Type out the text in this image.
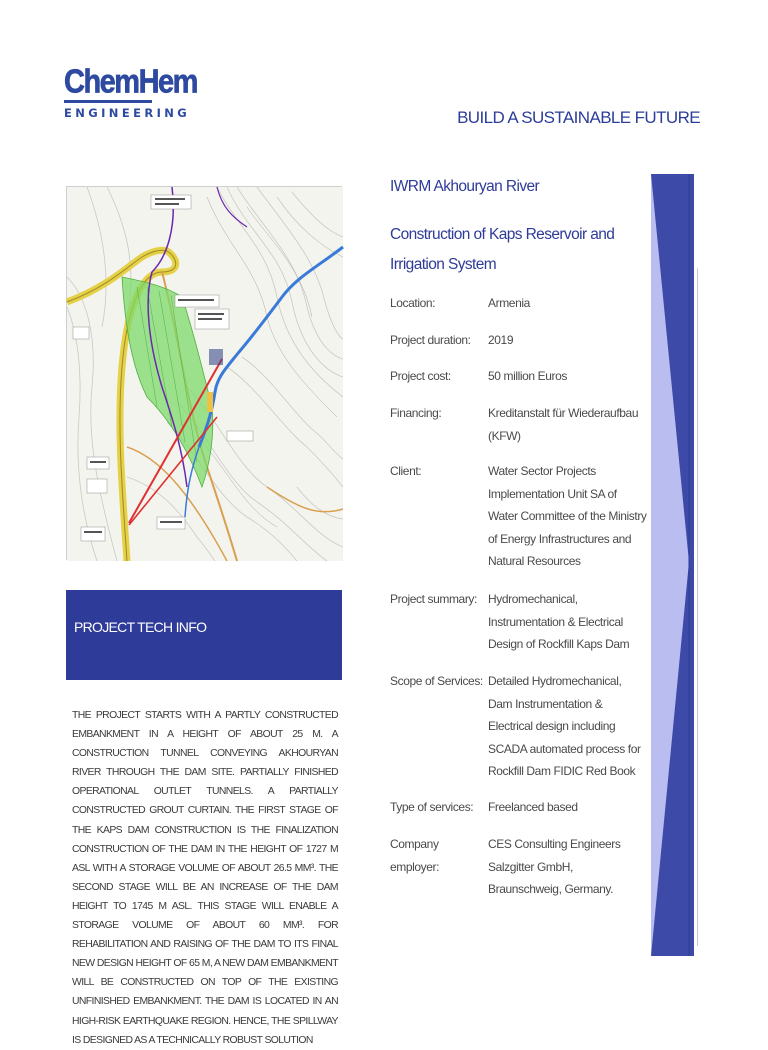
ChemHem
ENGINEERING	BUILD A SUSTAINABLE FUTURE
PROJECT TECH INFO
THE PROJECT STARTS WITH A PARTLY CONSTRUCTED EMBANKMENT IN A HEIGHT OF ABOUT 25 M. A CONSTRUCTION TUNNEL CONVEYING AKHOURYAN RIVER THROUGH THE DAM SITE. PARTIALLY FINISHED OPERATIONAL OUTLET TUNNELS. A PARTIALLY CONSTRUCTED GROUT CURTAIN. THE FIRST STAGE OF THE KAPS DAM CONSTRUCTION IS THE FINALIZATION CONSTRUCTION OF THE DAM IN THE HEIGHT OF 1727 M ASL WITH A STORAGE VOLUME OF ABOUT 26.5 MM³. THE SECOND STAGE WILL BE AN INCREASE OF THE DAM HEIGHT TO 1745 M ASL. THIS STAGE WILL ENABLE A STORAGE VOLUME OF ABOUT 60 MM³. FOR REHABILITATION AND RAISING OF THE DAM TO ITS FINAL NEW DESIGN HEIGHT OF 65 M, A NEW DAM EMBANKMENT WILL BE CONSTRUCTED ON TOP OF THE EXISTING UNFINISHED EMBANKMENT. THE DAM IS LOCATED IN AN HIGH-RISK EARTHQUAKE REGION. HENCE, THE SPILLWAY IS DESIGNED AS A TECHNICALLY ROBUST SOLUTION
IWRM Akhouryan River
Construction of Kaps Reservoir and Irrigation System
Location:	Armenia
Project duration:	2019
Project cost:	50 million Euros
Financing:	Kreditanstalt für Wiederaufbau (KFW)
Client:	Water Sector Projects Implementation Unit SA of Water Committee of the Ministry of Energy Infrastructures and Natural Resources
Project summary: Hydromechanical, Instrumentation & Electrical Design of Rockfill Kaps Dam
Scope of Services: Detailed Hydromechanical, Dam Instrumentation & Electrical design including SCADA automated process for Rockfill Dam FIDIC Red Book
Type of services:	Freelanced based
Company employer:
CES Consulting Engineers Salzgitter GmbH, Braunschweig, Germany.
